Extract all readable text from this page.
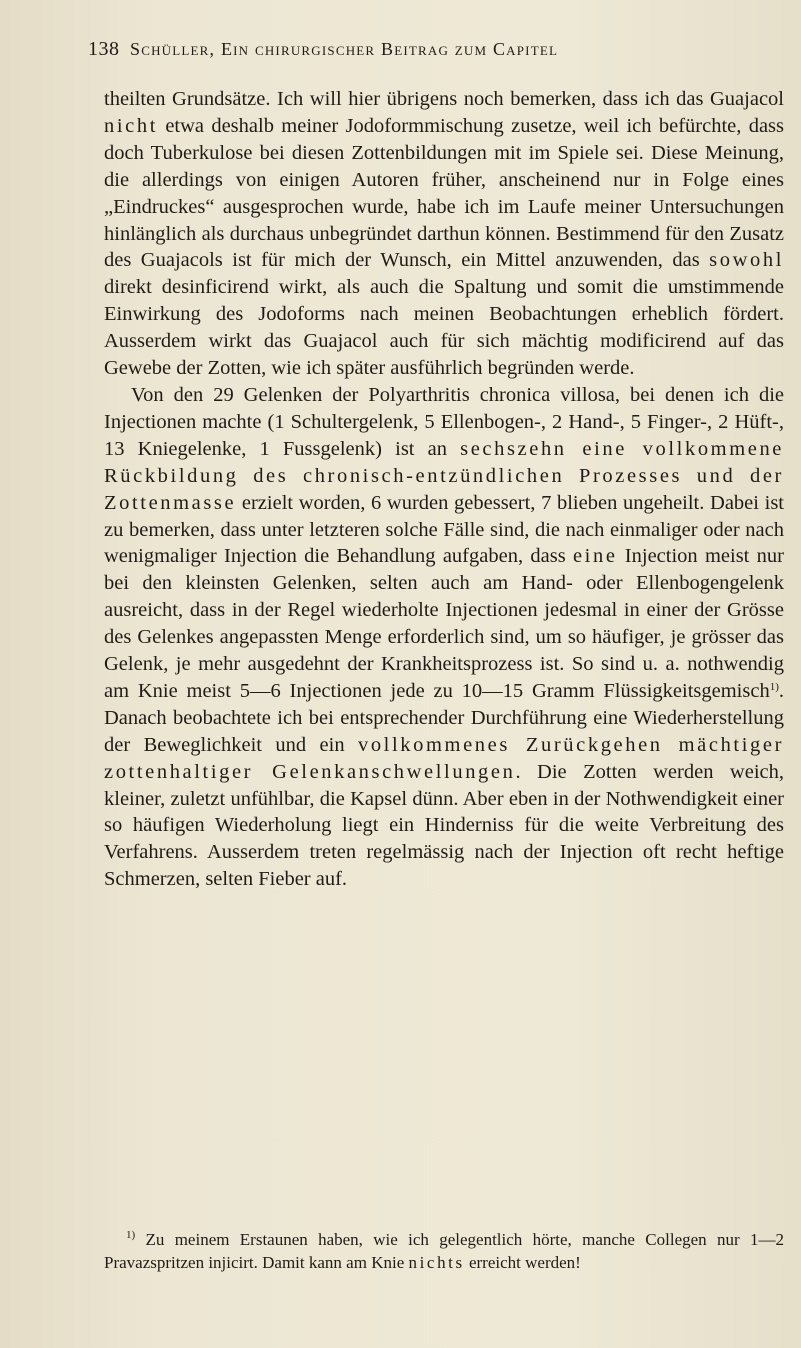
138 Schüller, Ein chirurgischer Beitrag zum Capitel

theilten Grundsätze. Ich will hier übrigens noch bemerken, dass ich das Guajacol nicht etwa deshalb meiner Jodoformmischung zusetze, weil ich befürchte, dass doch Tuberkulose bei diesen Zottenbildungen mit im Spiele sei. Diese Meinung, die allerdings von einigen Autoren früher, anscheinend nur in Folge eines „Eindruckes“ ausgesprochen wurde, habe ich im Laufe meiner Untersuchungen hinlänglich als durchaus unbegründet darthun können. Bestimmend für den Zusatz des Guajacols ist für mich der Wunsch, ein Mittel anzuwenden, das sowohl direkt desinficirend wirkt, als auch die Spaltung und somit die umstimmende Einwirkung des Jodoforms nach meinen Beobachtungen erheblich fördert. Ausserdem wirkt das Guajacol auch für sich mächtig modificirend auf das Gewebe der Zotten, wie ich später ausführlich begründen werde.

Von den 29 Gelenken der Polyarthritis chronica villosa, bei denen ich die Injectionen machte (1 Schultergelenk, 5 Ellenbogen-, 2 Hand-, 5 Finger-, 2 Hüft-, 13 Kniegelenke, 1 Fussgelenk) ist an sechszehn eine vollkommene Rückbildung des chronisch-entzündlichen Prozesses und der Zottenmasse erzielt worden, 6 wurden gebessert, 7 blieben ungeheilt. Dabei ist zu bemerken, dass unter letzteren solche Fälle sind, die nach einmaliger oder nach wenigmaliger Injection die Behandlung aufgaben, dass eine Injection meist nur bei den kleinsten Gelenken, selten auch am Hand- oder Ellenbogengelenk ausreicht, dass in der Regel wiederholte Injectionen jedesmal in einer der Grösse des Gelenkes angepassten Menge erforderlich sind, um so häufiger, je grösser das Gelenk, je mehr ausgedehnt der Krankheitsprozess ist. So sind u. a. nothwendig am Knie meist 5—6 Injectionen jede zu 10—15 Gramm Flüssigkeitsgemisch$^{1)}$. Danach beobachtete ich bei entsprechender Durchführung eine Wiederherstellung der Beweglichkeit und ein vollkommenes Zurückgehen mächtiger zottenhaltiger Gelenkanschwellungen. Die Zotten werden weich, kleiner, zuletzt unfühlbar, die Kapsel dünn. Aber eben in der Nothwendigkeit einer so häufigen Wiederholung liegt ein Hinderniss für die weite Verbreitung des Verfahrens. Ausserdem treten regelmässig nach der Injection oft recht heftige Schmerzen, selten Fieber auf.

$^{1)}$ Zu meinem Erstaunen haben, wie ich gelegentlich hörte, manche Collegen nur 1—2 Pravazspritzen injicirt. Damit kann am Knie nichts erreicht werden!
